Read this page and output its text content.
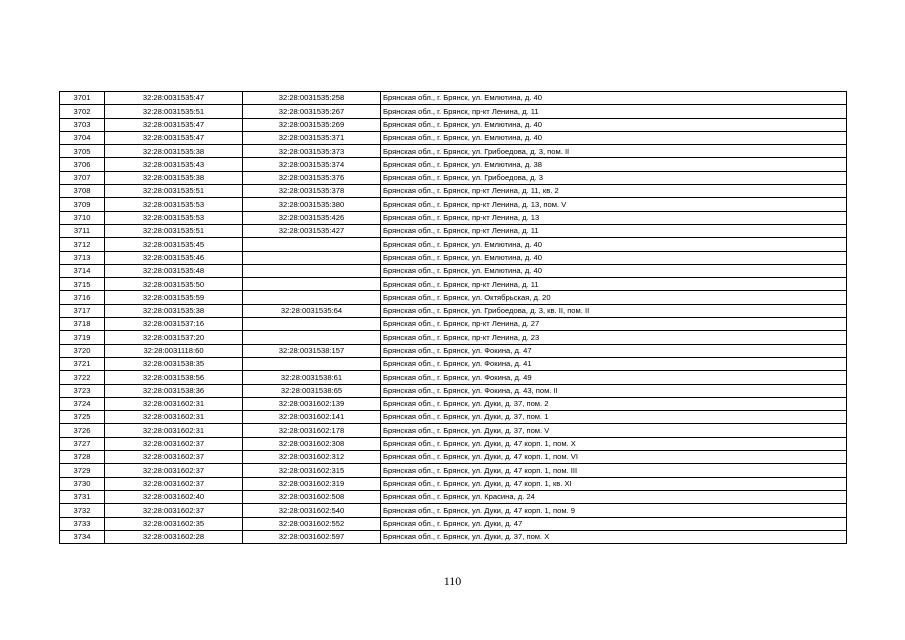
3701	32:28:0031535:47	32:28:0031535:258	Брянская обл., г. Брянск, ул. Емлютина, д. 40
3702	32:28:0031535:51	32:28:0031535:267	Брянская обл., г. Брянск, пр-кт Ленина, д. 11
3703	32:28:0031535:47	32:28:0031535:269	Брянская обл., г. Брянск, ул. Емлютина, д. 40
3704	32:28:0031535:47	32:28:0031535:371	Брянская обл., г. Брянск, ул. Емлютина, д. 40
3705	32:28:0031535:38	32:28:0031535:373	Брянская обл., г. Брянск, ул. Грибоедова, д. 3, пом. II
3706	32:28:0031535:43	32:28:0031535:374	Брянская обл., г. Брянск, ул. Емлютина, д. 38
3707	32:28:0031535:38	32:28:0031535:376	Брянская обл., г. Брянск, ул. Грибоедова, д. 3
3708	32:28:0031535:51	32:28:0031535:378	Брянская обл., г. Брянск, пр-кт Ленина, д. 11, кв. 2
3709	32:28:0031535:53	32:28:0031535:380	Брянская обл., г. Брянск, пр-кт Ленина, д. 13, пом. V
3710	32:28:0031535:53	32:28:0031535:426	Брянская обл., г. Брянск, пр-кт Ленина, д. 13
3711	32:28:0031535:51	32:28:0031535:427	Брянская обл., г. Брянск, пр-кт Ленина, д. 11
3712	32:28:0031535:45		Брянская обл., г. Брянск, ул. Емлютина, д. 40
3713	32:28:0031535:46		Брянская обл., г. Брянск, ул. Емлютина, д. 40
3714	32:28:0031535:48		Брянская обл., г. Брянск, ул. Емлютина, д. 40
3715	32:28:0031535:50		Брянская обл., г. Брянск, пр-кт Ленина, д. 11
3716	32:28:0031535:59		Брянская обл., г. Брянск, ул. Октябрьская, д. 20
3717	32:28:0031535:38	32:28:0031535:64	Брянская обл., г. Брянск, ул. Грибоедова, д. 3, кв. II, пом. II
3718	32:28:0031537:16		Брянская обл., г. Брянск, пр-кт Ленина, д. 27
3719	32:28:0031537:20		Брянская обл., г. Брянск, пр-кт Ленина, д. 23
3720	32:28:0031118:60	32:28:0031538:157	Брянская обл., г. Брянск, ул. Фокина, д. 47
3721	32:28:0031538:35		Брянская обл., г. Брянск, ул. Фокина, д. 41
3722	32:28:0031538:56	32:28:0031538:61	Брянская обл., г. Брянск, ул. Фокина, д. 49
3723	32:28:0031538:36	32:28:0031538:65	Брянская обл., г. Брянск, ул. Фокина, д. 43, пом. II
3724	32:28:0031602:31	32:28:0031602:139	Брянская обл., г. Брянск, ул. Дуки, д. 37, пом. 2
3725	32:28:0031602:31	32:28:0031602:141	Брянская обл., г. Брянск, ул. Дуки, д. 37, пом. 1
3726	32:28:0031602:31	32:28:0031602:178	Брянская обл., г. Брянск, ул. Дуки, д. 37, пом. V
3727	32:28:0031602:37	32:28:0031602:308	Брянская обл., г. Брянск, ул. Дуки, д. 47 корп. 1, пом. X
3728	32:28:0031602:37	32:28:0031602:312	Брянская обл., г. Брянск, ул. Дуки, д. 47 корп. 1, пом. VI
3729	32:28:0031602:37	32:28:0031602:315	Брянская обл., г. Брянск, ул. Дуки, д. 47 корп. 1, пом. III
3730	32:28:0031602:37	32:28:0031602:319	Брянская обл., г. Брянск, ул. Дуки, д. 47 корп. 1, кв. XI
3731	32:28:0031602:40	32:28:0031602:508	Брянская обл., г. Брянск, ул. Красина, д. 24
3732	32:28:0031602:37	32:28:0031602:540	Брянская обл., г. Брянск, ул. Дуки, д. 47 корп. 1, пом. 9
3733	32:28:0031602:35	32:28:0031602:552	Брянская обл., г. Брянск, ул. Дуки, д. 47
3734	32:28:0031602:28	32:28:0031602:597	Брянская обл., г. Брянск, ул. Дуки, д. 37, пом. X
110
